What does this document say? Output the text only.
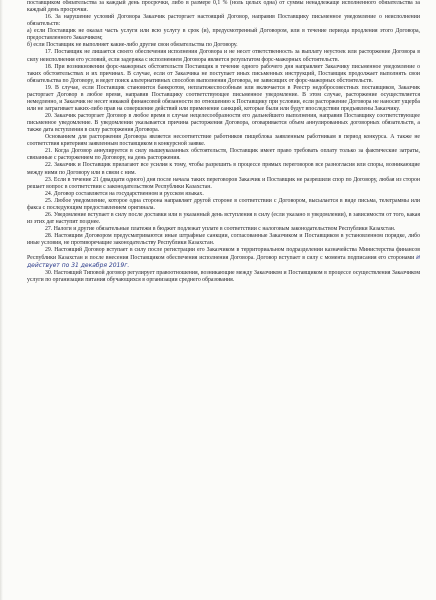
поставщиком обязательства за каждый день просрочки, либо в размере 0,1 % (ноль целых одна) от суммы ненадлежаще исполненного обязательства за каждый день просрочки.

16. За нарушение условий Договора Заказчик расторгает настоящий Договор, направив Поставщику письменное уведомление о неисполнении обязательств:

а) если Поставщик не оказал часть услуги или всю услугу в срок (и), предусмотренный Договором, или в течение периода продления этого Договора, предоставленного Заказчиком;

б) если Поставщик не выполняет какие-либо другие свои обязательства по Договору.

17. Поставщик не лишается своего обеспечения исполнения Договора и не несет ответственность за выплату неустоек или расторжение Договора в силу неисполнения его условий, если задержка с исполнением Договора является результатом форс-мажорных обстоятельств.

18. При возникновении форс-мажорных обстоятельств Поставщик в течение одного рабочего дня направляет Заказчику письменное уведомление о таких обстоятельствах и их причинах. В случае, если от Заказчика не поступает иных письменных инструкций, Поставщик продолжает выполнять свои обязательства по Договору, и ведет поиск альтернативных способов выполнения Договора, не зависящих от форс-мажорных обстоятельств.

19. В случае, если Поставщик становится банкротом, неплатежеспособным или включается в Реестр недобросовестных поставщиков, Заказчик расторгает Договор в любое время, направив Поставщику соответствующее письменное уведомление. В этом случае, расторжение осуществляется немедленно, и Заказчик не несет никакой финансовой обязанности по отношению к Поставщику при условии, если расторжение Договора не наносит ущерба или не затрагивает каких-либо прав на совершение действий или применение санкций, которые были или будут впоследствии предъявлены Заказчику.

20. Заказчик расторгает Договор в любое время в случае нецелесообразности его дальнейшего выполнения, направив Поставщику соответствующее письменное уведомление. В уведомлении указывается причина расторжения Договора, оговаривается объем аннулированных договорных обязательств, а также дата вступления в силу расторжения Договора.

Основанием для расторжения Договора является несоответствие работников пищеблока заявленным работникам в период конкурса. А также не соответствия критериям заявленным поставщиком в конкурсной заявке.

21. Когда Договор аннулируется в силу вышеуказанных обстоятельств, Поставщик имеет право требовать оплату только за фактические затраты, связанные с расторжением по Договору, на день расторжения.

22. Заказчик и Поставщик прилагают все усилия к тому, чтобы разрешить в процессе прямых переговоров все разногласия или споры, возникающие между ними по Договору или в связи с ним.

23. Если в течение 21 (двадцати одного) дня после начала таких переговоров Заказчик и Поставщик не разрешили спор по Договору, любая из сторон решает вопрос в соответствии с законодательством Республики Казахстан.

24. Договор составляется на государственном и русском языках.

25. Любое уведомление, которое одна сторона направляет другой стороне в соответствии с Договором, высылается в виде письма, телеграммы или факса с последующим предоставлением оригинала.

26. Уведомление вступает в силу после доставки или в указанный день вступления в силу (если указано в уведомлении), в зависимости от того, какая из этих дат наступит позднее.

27. Налоги и другие обязательные платежи в бюджет подлежат уплате в соответствии с налоговым законодательством Республики Казахстан.

28. Настоящим Договором предусматриваются иные штрафные санкции, согласованные Заказчиком и Поставщиком в установленном порядке, либо иные условия, не противоречащие законодательству Республики Казахстан.

29. Настоящий Договор вступает в силу после регистрации его Заказчиком в территориальном подразделении казначейства Министерства финансов Республики Казахстан и после внесения Поставщиком обеспечения исполнения Договора. Договор вступает в силу с момента подписания его сторонами и действует по 31 декабря 2019г.

30. Настоящий Типовой договор регулирует правоотношения, возникающие между Заказчиком и Поставщиком в процессе осуществления Заказчиком услуги по организации питания обучающихся в организации среднего образования.
